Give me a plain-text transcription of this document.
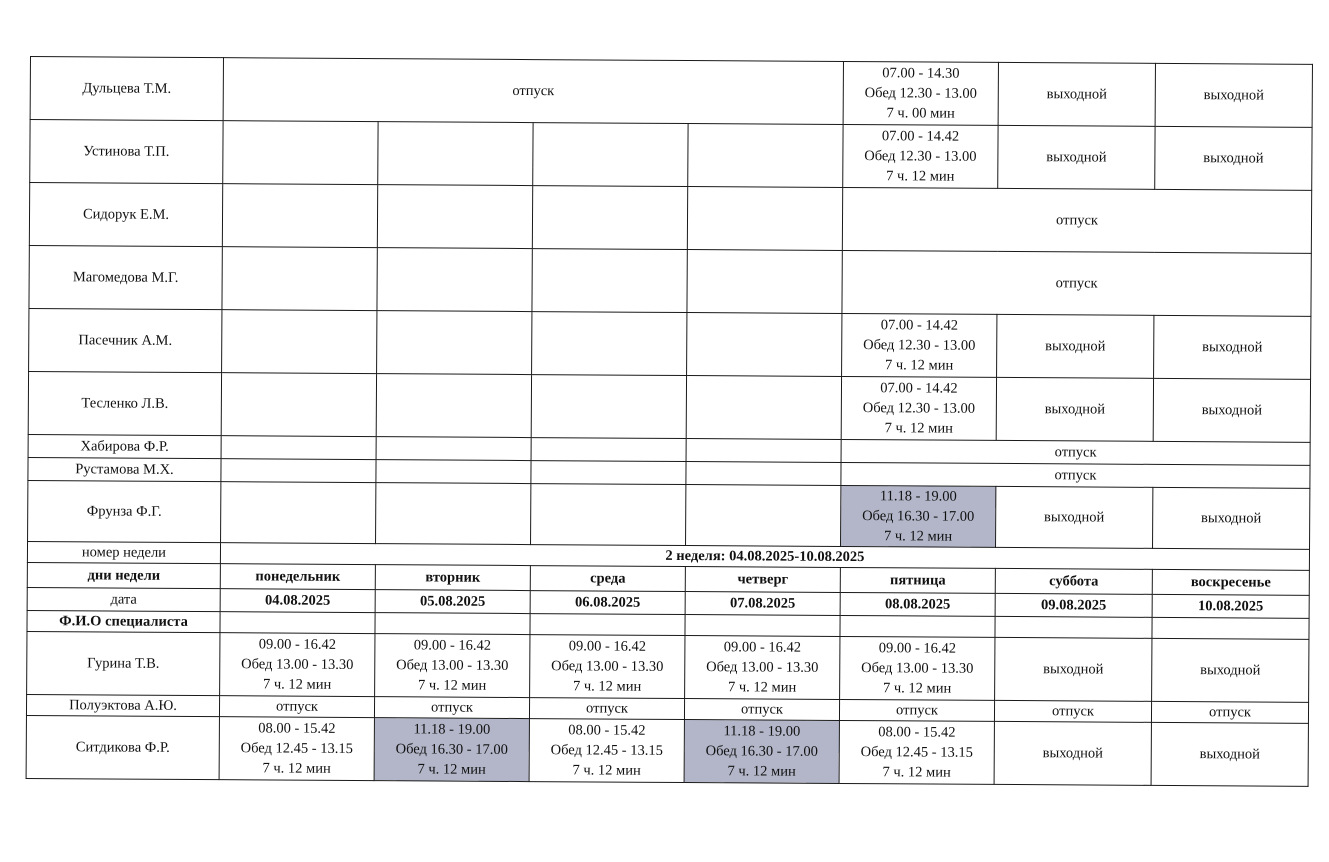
Дульцева Т.М.	отпуск				07.00 - 14.30
Обед 12.30 - 13.00
7 ч. 00 мин	выходной	выходной
Устинова Т.П.					07.00 - 14.42
Обед 12.30 - 13.00
7 ч. 12 мин	выходной	выходной
Сидорук Е.М.					отпуск		
Магомедова М.Г.					отпуск		
Пасечник А.М.					07.00 - 14.42
Обед 12.30 - 13.00
7 ч. 12 мин	выходной	выходной
Тесленко Л.В.					07.00 - 14.42
Обед 12.30 - 13.00
7 ч. 12 мин	выходной	выходной
Хабирова Ф.Р.					отпуск		
Рустамова М.Х.					отпуск		
Фрунза Ф.Г.					11.18 - 19.00
Обед 16.30 - 17.00
7 ч. 12 мин	выходной	выходной
номер недели	2 неделя: 04.08.2025-10.08.2025						
дни недели	понедельник	вторник	среда	четверг	пятница	суббота	воскресенье
дата	04.08.2025	05.08.2025	06.08.2025	07.08.2025	08.08.2025	09.08.2025	10.08.2025
Ф.И.О специалиста							
Гурина Т.В.	09.00 - 16.42
Обед 13.00 - 13.30
7 ч. 12 мин	09.00 - 16.42
Обед 13.00 - 13.30
7 ч. 12 мин	09.00 - 16.42
Обед 13.00 - 13.30
7 ч. 12 мин	09.00 - 16.42
Обед 13.00 - 13.30
7 ч. 12 мин	09.00 - 16.42
Обед 13.00 - 13.30
7 ч. 12 мин	выходной	выходной
Полуэктова А.Ю.	отпуск	отпуск	отпуск	отпуск	отпуск	отпуск	отпуск
Ситдикова Ф.Р.	08.00 - 15.42
Обед 12.45 - 13.15
7 ч. 12 мин	11.18 - 19.00
Обед 16.30 - 17.00
7 ч. 12 мин	08.00 - 15.42
Обед 12.45 - 13.15
7 ч. 12 мин	11.18 - 19.00
Обед 16.30 - 17.00
7 ч. 12 мин	08.00 - 15.42
Обед 12.45 - 13.15
7 ч. 12 мин	выходной	выходной
